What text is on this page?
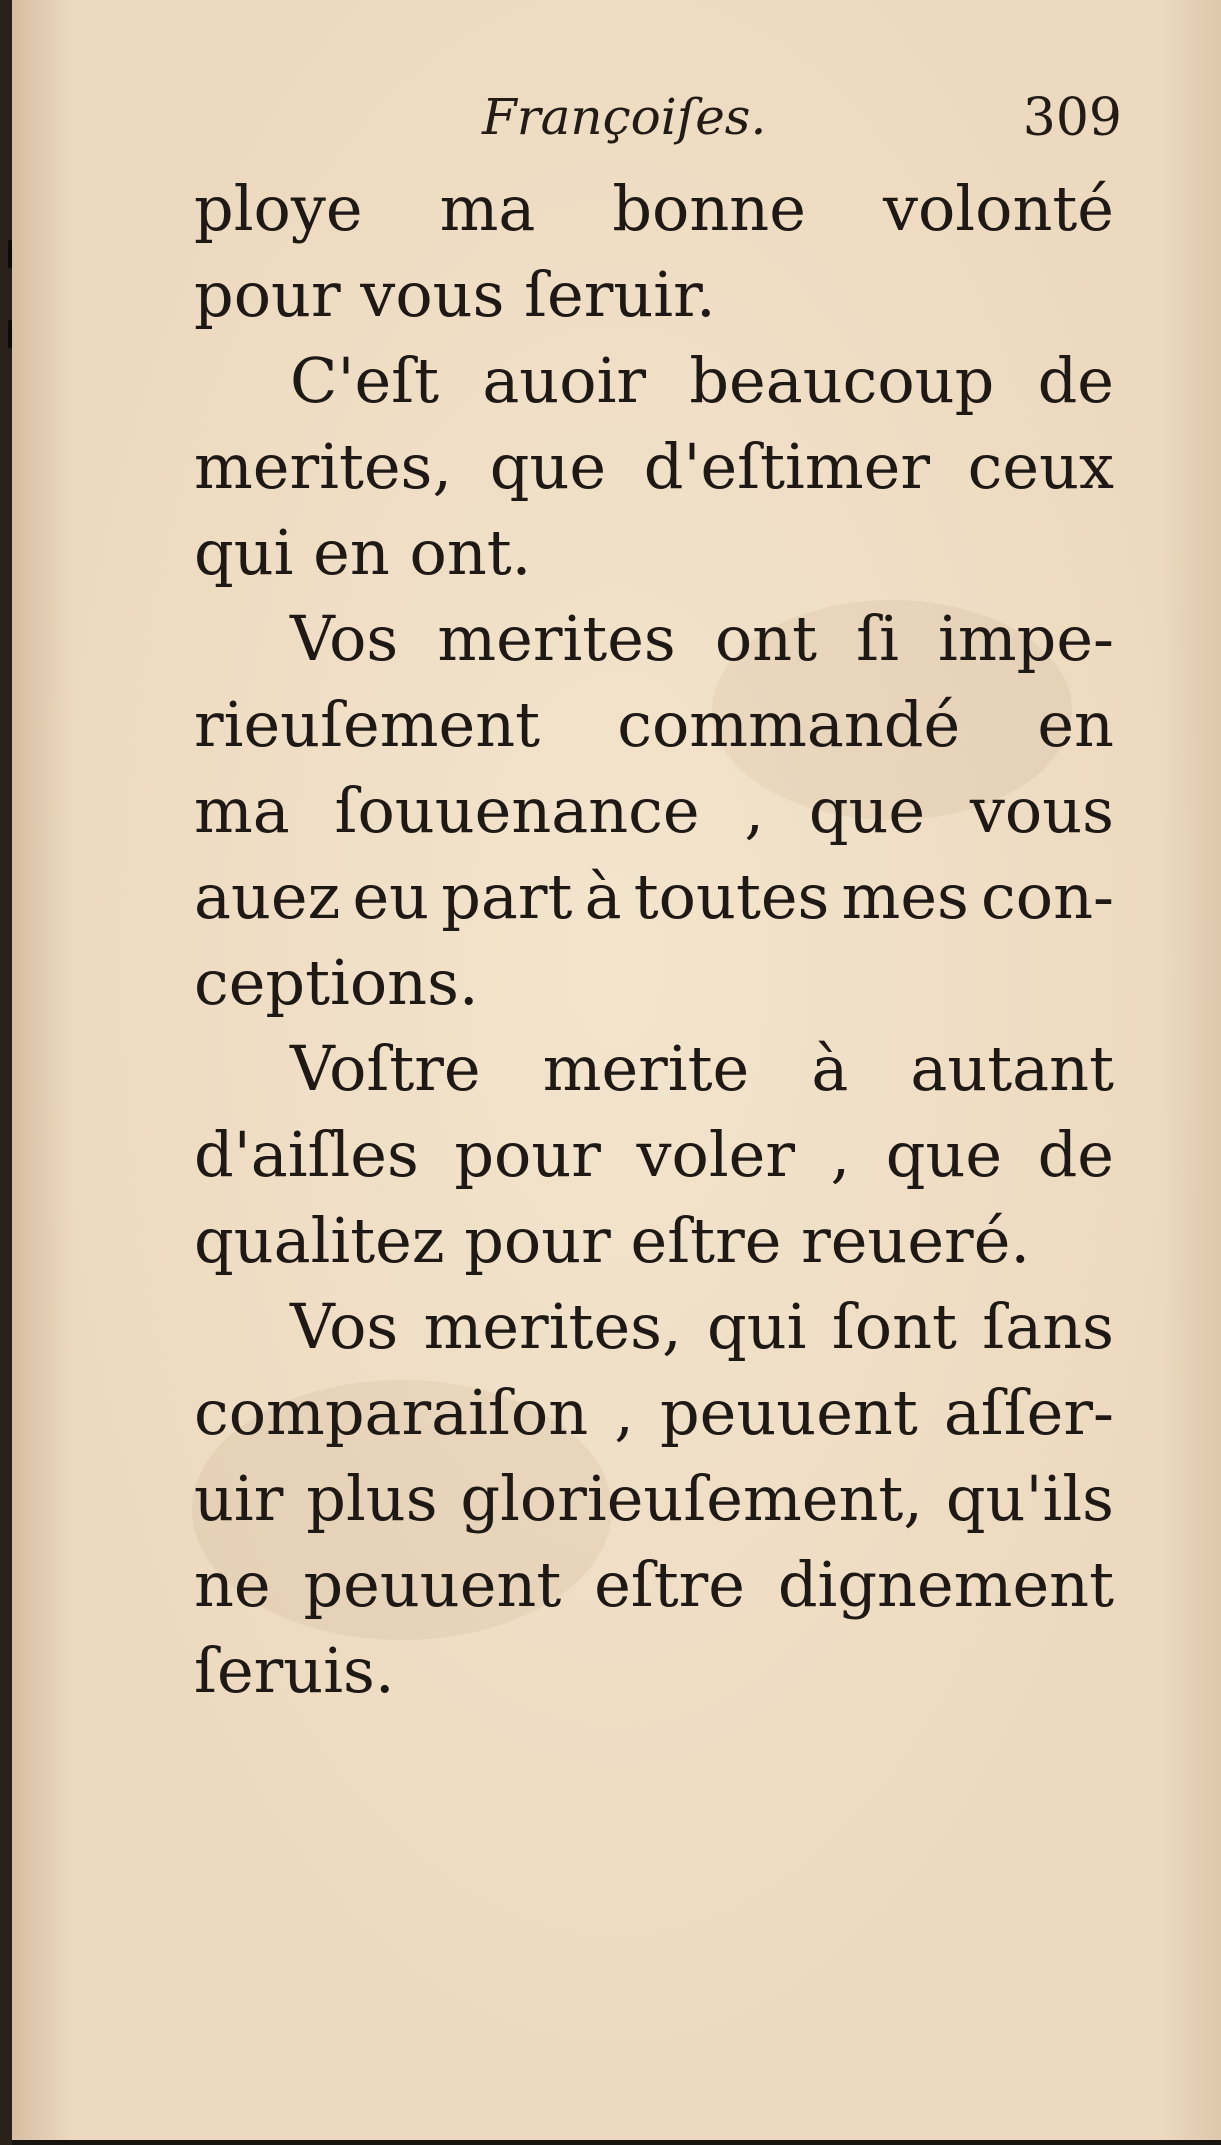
Françoiſes.	309
ploye ma bonne volonté
pour vous ſeruir.
C'eſt auoir beaucoup de
merites, que d'eſtimer ceux
qui en ont.
Vos merites ont ſi impe-
rieuſement commandé en
ma ſouuenance , que vous
auez eu part à toutes mes con-
ceptions.
Voſtre merite à autant
d'aiſles pour voler , que de
qualitez pour eſtre reueré.
Vos merites, qui ſont ſans
comparaiſon , peuuent aſſer-
uir plus glorieuſement, qu'ils
ne peuuent eſtre dignement
ſeruis.
